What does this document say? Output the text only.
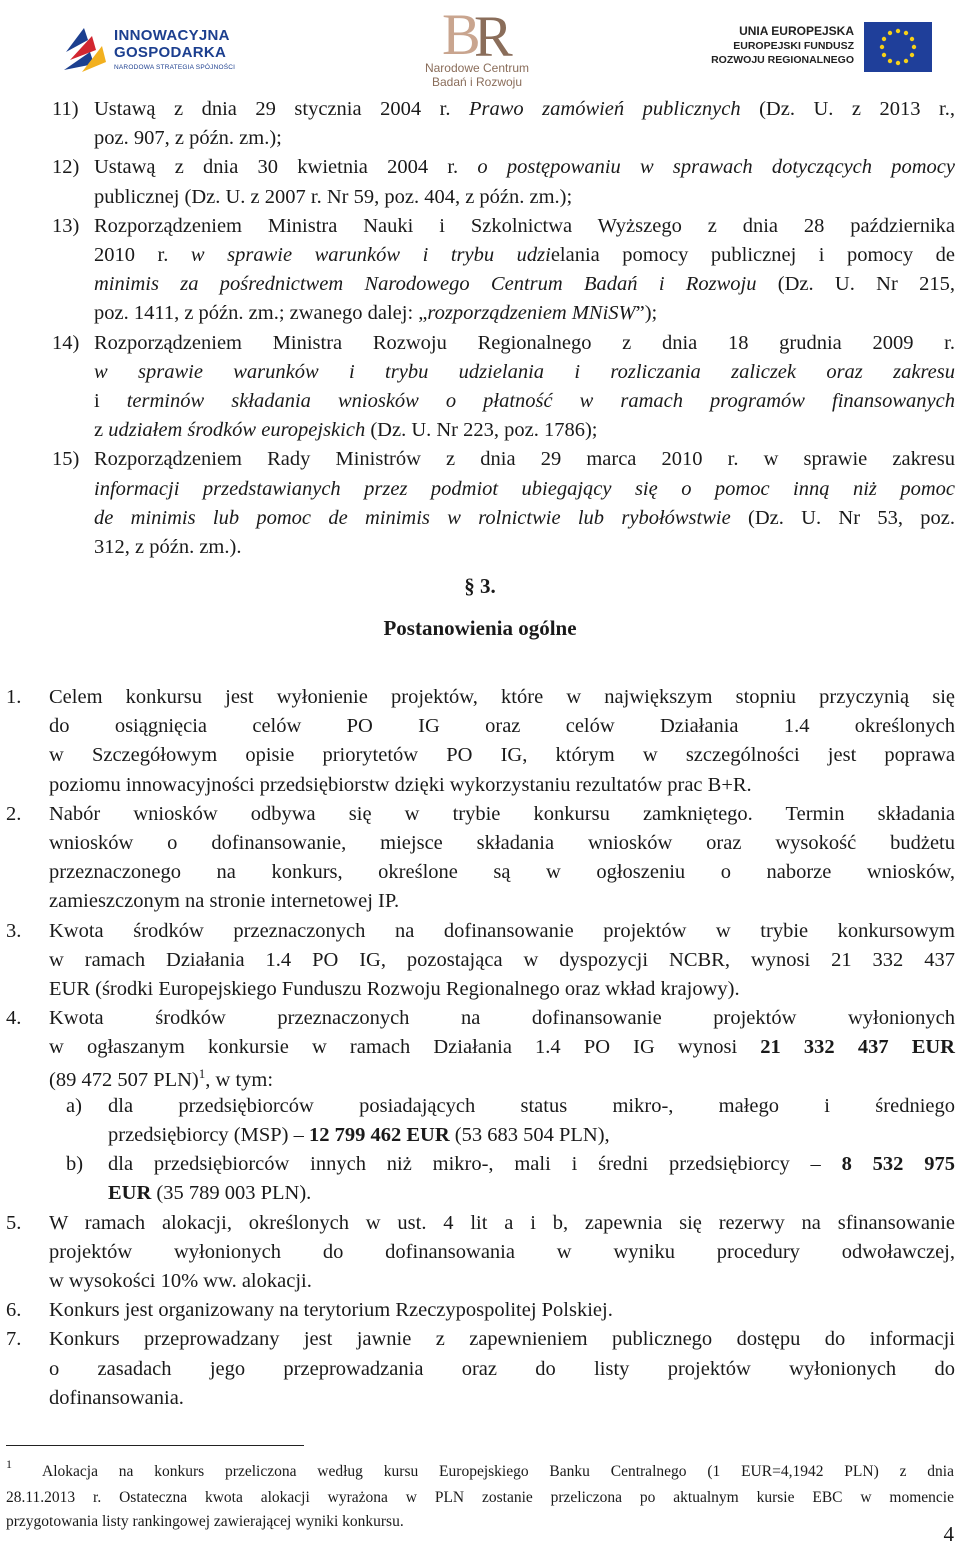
INNOWACYJNA
GOSPODARKA
NARODOWA STRATEGIA SPÓJNOŚCI
B
R
Narodowe Centrum
Badań i Rozwoju
UNIA EUROPEJSKA
EUROPEJSKI FUNDUSZ
ROZWOJU REGIONALNEGO
11) Ustawą z dnia 29 stycznia 2004 r. Prawo zamówień publicznych (Dz. U. z 2013 r.,
poz. 907, z późn. zm.);
12) Ustawą z dnia 30 kwietnia 2004 r. o postępowaniu w sprawach dotyczących pomocy
publicznej (Dz. U. z 2007 r. Nr 59, poz. 404, z późn. zm.);
13) Rozporządzeniem Ministra Nauki i Szkolnictwa Wyższego z dnia 28 października
2010 r. w sprawie warunków i trybu udzielania pomocy publicznej i pomocy de
minimis za pośrednictwem Narodowego Centrum Badań i Rozwoju (Dz. U. Nr 215,
poz. 1411, z późn. zm.; zwanego dalej: „rozporządzeniem MNiSW”);
14) Rozporządzeniem Ministra Rozwoju Regionalnego z dnia 18 grudnia 2009 r.
w sprawie warunków i trybu udzielania i rozliczania zaliczek oraz zakresu
i terminów składania wniosków o płatność w ramach programów finansowanych
z udziałem środków europejskich (Dz. U. Nr 223, poz. 1786);
15) Rozporządzeniem Rady Ministrów z dnia 29 marca 2010 r. w sprawie zakresu
informacji przedstawianych przez podmiot ubiegający się o pomoc inną niż pomoc
de minimis lub pomoc de minimis w rolnictwie lub rybołówstwie (Dz. U. Nr 53, poz.
312, z późn. zm.).
1. Celem konkursu jest wyłonienie projektów, które w największym stopniu przyczynią się
do osiągnięcia celów PO IG oraz celów Działania 1.4 określonych
w Szczegółowym opisie priorytetów PO IG, którym w szczególności jest poprawa
poziomu innowacyjności przedsiębiorstw dzięki wykorzystaniu rezultatów prac B+R.
2. Nabór wniosków odbywa się w trybie konkursu zamkniętego. Termin składania
wniosków o dofinansowanie, miejsce składania wniosków oraz wysokość budżetu
przeznaczonego na konkurs, określone są w ogłoszeniu o naborze wniosków,
zamieszczonym na stronie internetowej IP.
3. Kwota środków przeznaczonych na dofinansowanie projektów w trybie konkursowym
w ramach Działania 1.4 PO IG, pozostająca w dyspozycji NCBR, wynosi 21 332 437
EUR (środki Europejskiego Funduszu Rozwoju Regionalnego oraz wkład krajowy).
4. Kwota środków przeznaczonych na dofinansowanie projektów wyłonionych
w ogłaszanym konkursie w ramach Działania 1.4 PO IG wynosi 21 332 437 EUR
(89 472 507 PLN)$^1$, w tym:
a) dla przedsiębiorców posiadających status mikro-, małego i średniego
przedsiębiorcy (MSP) ‒ 12 799 462 EUR (53 683 504 PLN),
b) dla przedsiębiorców innych niż mikro-, mali i średni przedsiębiorcy ‒ 8 532 975
EUR (35 789 003 PLN).
5. W ramach alokacji, określonych w ust. 4 lit a i b, zapewnia się rezerwy na sfinansowanie
projektów wyłonionych do dofinansowania w wyniku procedury odwoławczej,
w wysokości 10% ww. alokacji.
6. Konkurs jest organizowany na terytorium Rzeczypospolitej Polskiej.
7. Konkurs przeprowadzany jest jawnie z zapewnieniem publicznego dostępu do informacji
o zasadach jego przeprowadzania oraz do listy projektów wyłonionych do
dofinansowania.
§ 3.
Postanowienia ogólne
Alokacja na konkurs przeliczona według kursu Europejskiego Banku Centralnego (1 EUR=4,1942 PLN) z dnia
28.11.2013 r. Ostateczna kwota alokacji wyrażona w PLN zostanie przeliczona po aktualnym kursie EBC w momencie
przygotowania listy rankingowej zawierającej wyniki konkursu.
1
4
